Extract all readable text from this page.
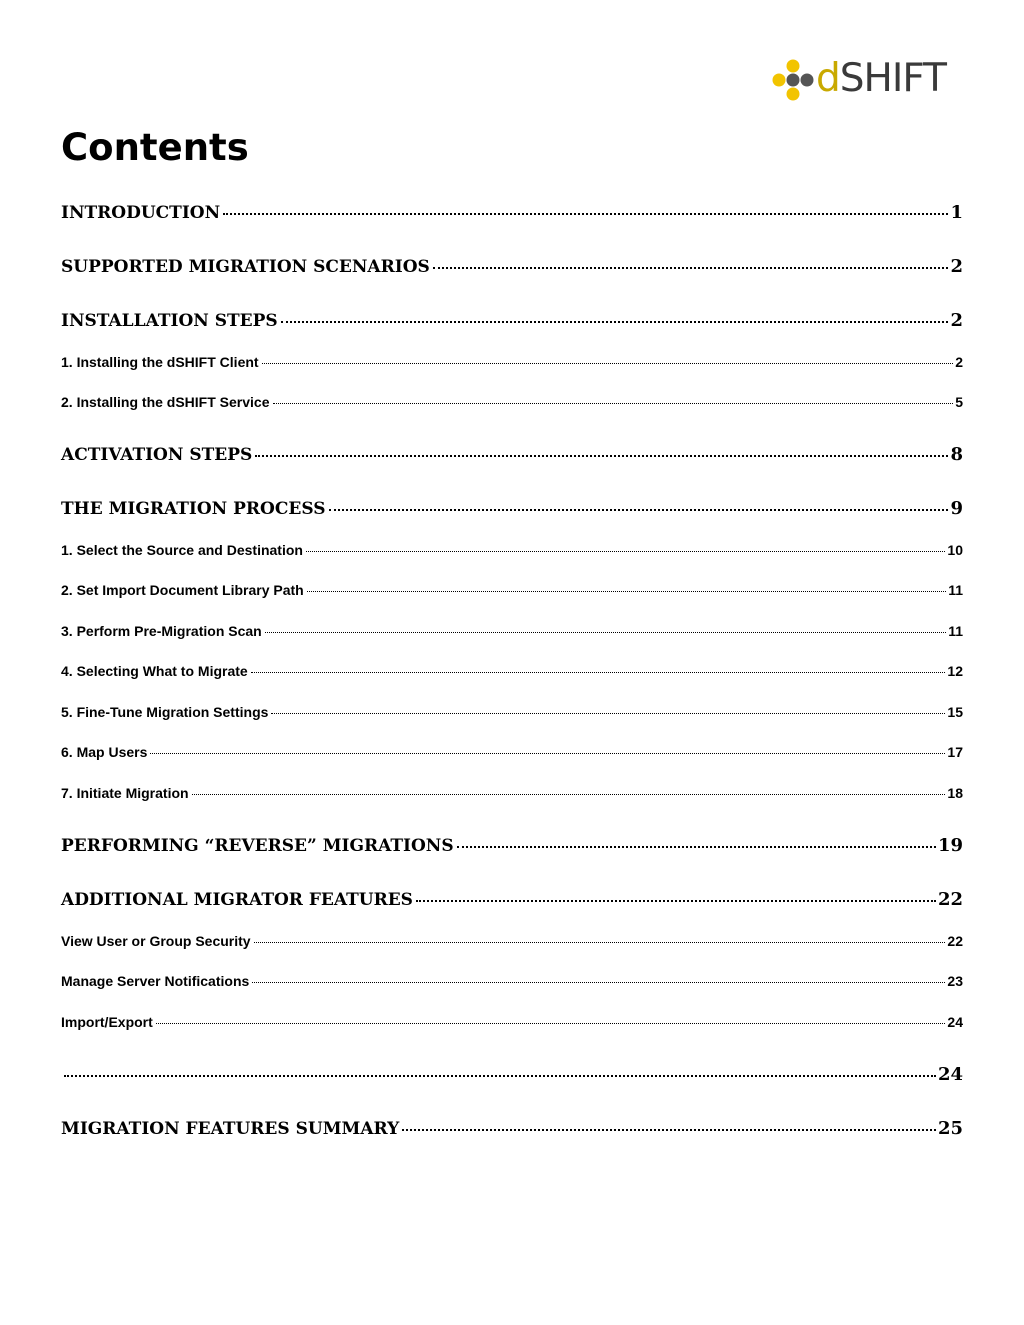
dSHIFT
Contents
INTRODUCTION	1
SUPPORTED MIGRATION SCENARIOS	2
INSTALLATION STEPS	2
1. Installing the dSHIFT Client	2
2. Installing the dSHIFT Service	5
ACTIVATION STEPS	8
THE MIGRATION PROCESS	9
1. Select the Source and Destination	10
2. Set Import Document Library Path	11
3. Perform Pre-Migration Scan	11
4. Selecting What to Migrate	12
5. Fine-Tune Migration Settings	15
6. Map Users	17
7. Initiate Migration	18
PERFORMING “REVERSE” MIGRATIONS	19
ADDITIONAL MIGRATOR FEATURES	22
View User or Group Security	22
Manage Server Notifications	23
Import/Export	24
24
MIGRATION FEATURES SUMMARY	25
